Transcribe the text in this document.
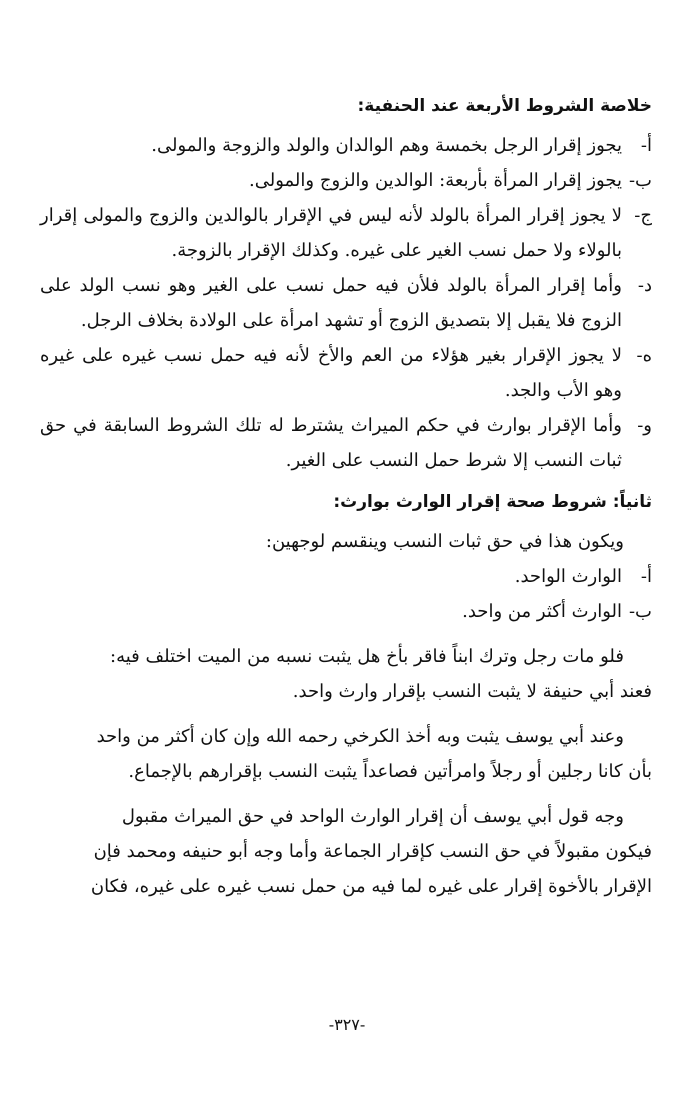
خلاصة الشروط الأربعة عند الحنفية:
أ-
يجوز إقرار الرجل بخمسة وهم الوالدان والولد والزوجة والمولى.
ب-
يجوز إقرار المرأة بأربعة: الوالدين والزوج والمولى.
ج-
لا يجوز إقرار المرأة بالولد لأنه ليس في الإقرار بالوالدين والزوج والمولى إقرار بالولاء ولا حمل نسب الغير على غيره. وكذلك الإقرار بالزوجة.
د-
وأما إقرار المرأة بالولد فلأن فيه حمل نسب على الغير وهو نسب الولد على الزوج فلا يقبل إلا بتصديق الزوج أو تشهد امرأة على الولادة بخلاف الرجل.
ه-
لا يجوز الإقرار بغير هؤلاء من العم والأخ لأنه فيه حمل نسب غيره على غيره وهو الأب والجد.
و-
وأما الإقرار بوارث في حكم الميراث يشترط له تلك الشروط السابقة في حق ثبات النسب إلا شرط حمل النسب على الغير.
ثانياً: شروط صحة إقرار الوارث بوارث:
ويكون هذا في حق ثبات النسب وينقسم لوجهين:
أ-
الوارث الواحد.
ب-
الوارث أكثر من واحد.
فلو مات رجل وترك ابناً فاقر بأخ هل يثبت نسبه من الميت اختلف فيه:
فعند أبي حنيفة لا يثبت النسب بإقرار وارث واحد.
وعند أبي يوسف يثبت وبه أخذ الكرخي رحمه الله وإن كان أكثر من واحد
بأن كانا رجلين أو رجلاً وامرأتين فصاعداً يثبت النسب بإقرارهم بالإجماع.
وجه قول أبي يوسف أن إقرار الوارث الواحد في حق الميراث مقبول
فيكون مقبولاً في حق النسب كإقرار الجماعة وأما وجه أبو حنيفه ومحمد فإن
الإقرار بالأخوة إقرار على غيره لما فيه من حمل نسب غيره على غيره، فكان
-٣٢٧-
